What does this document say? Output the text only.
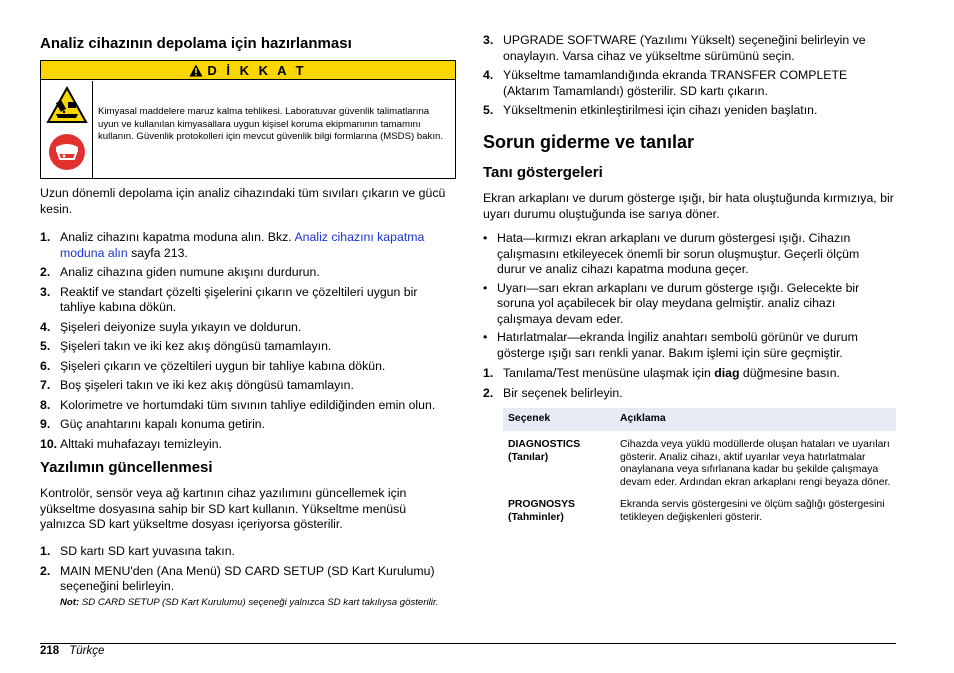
Analiz cihazının depolama için hazırlanması
D İ K K A T
Kimyasal maddelere maruz kalma tehlikesi. Laboratuvar güvenlik talimatlarına uyun ve kullanılan kimyasallara uygun kişisel koruma ekipmanının tamamını kullanın. Güvenlik protokolleri için mevcut güvenlik bilgi formlarına (MSDS) bakın.

Uzun dönemli depolama için analiz cihazındaki tüm sıvıları çıkarın ve gücü kesin.

1. Analiz cihazını kapatma moduna alın. Bkz. Analiz cihazını kapatma moduna alın sayfa 213.
2. Analiz cihazına giden numune akışını durdurun.
3. Reaktif ve standart çözelti şişelerini çıkarın ve çözeltileri uygun bir tahliye kabına dökün.
4. Şişeleri deiyonize suyla yıkayın ve doldurun.
5. Şişeleri takın ve iki kez akış döngüsü tamamlayın.
6. Şişeleri çıkarın ve çözeltileri uygun bir tahliye kabına dökün.
7. Boş şişeleri takın ve iki kez akış döngüsü tamamlayın.
8. Kolorimetre ve hortumdaki tüm sıvının tahliye edildiğinden emin olun.
9. Güç anahtarını kapalı konuma getirin.
10. Alttaki muhafazayı temizleyin.
Yazılımın güncellenmesi

Kontrolör, sensör veya ağ kartının cihaz yazılımını güncellemek için yükseltme dosyasına sahip bir SD kart kullanın. Yükseltme menüsü yalnızca SD kart yükseltme dosyası içeriyorsa gösterilir.

1. SD kartı SD kart yuvasına takın.
2. MAIN MENU'den (Ana Menü) SD CARD SETUP (SD Kart Kurulumu) seçeneğini belirleyin.
Not: SD CARD SETUP (SD Kart Kurulumu) seçeneği yalnızca SD kart takılıysa gösterilir.
3. UPGRADE SOFTWARE (Yazılımı Yükselt) seçeneğini belirleyin ve onaylayın. Varsa cihaz ve yükseltme sürümünü seçin.
4. Yükseltme tamamlandığında ekranda TRANSFER COMPLETE (Aktarım Tamamlandı) gösterilir. SD kartı çıkarın.
5. Yükseltmenin etkinleştirilmesi için cihazı yeniden başlatın.
Sorun giderme ve tanılar
Tanı göstergeleri

Ekran arkaplanı ve durum gösterge ışığı, bir hata oluştuğunda kırmızıya, bir uyarı durumu oluştuğunda ise sarıya döner.

• Hata—kırmızı ekran arkaplanı ve durum göstergesi ışığı. Cihazın çalışmasını etkileyecek önemli bir sorun oluşmuştur. Geçerli ölçüm durur ve analiz cihazı kapatma moduna geçer.
• Uyarı—sarı ekran arkaplanı ve durum gösterge ışığı. Gelecekte bir soruna yol açabilecek bir olay meydana gelmiştir. analiz cihazı çalışmaya devam eder.
• Hatırlatmalar—ekranda İngiliz anahtarı sembolü görünür ve durum gösterge ışığı sarı renkli yanar. Bakım işlemi için süre geçmiştir.
1. Tanılama/Test menüsüne ulaşmak için diag düğmesine basın.
2. Bir seçenek belirleyin.
Seçenek	Açıklama
DIAGNOSTICS (Tanılar)	Cihazda veya yüklü modüllerde oluşan hataları ve uyarıları gösterir. Analiz cihazı, aktif uyarılar veya hatırlatmalar onaylanana veya sıfırlanana kadar bu şekilde çalışmaya devam eder. Ardından ekran arkaplanı rengi beyaza döner.
PROGNOSYS (Tahminler)	Ekranda servis göstergesini ve ölçüm sağlığı göstergesini tetikleyen değişkenleri gösterir.
218 Türkçe
